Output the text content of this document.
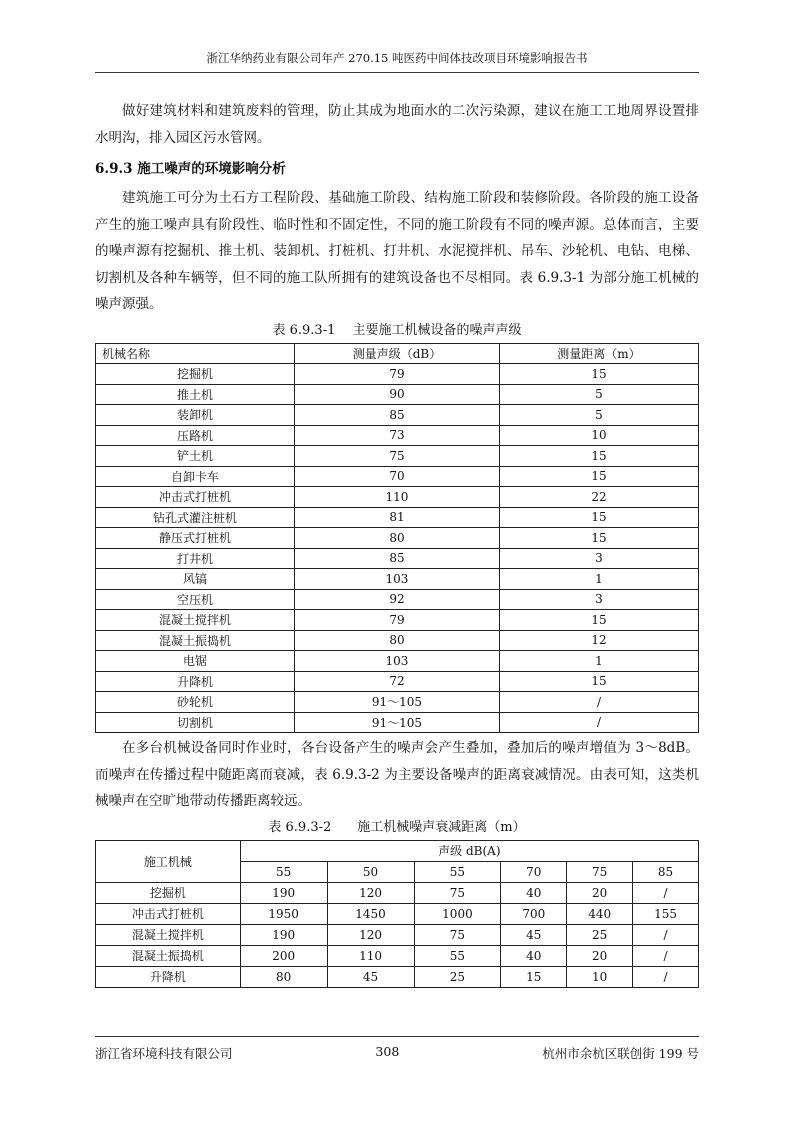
浙江华纳药业有限公司年产 270.15 吨医药中间体技改项目环境影响报告书

做好建筑材料和建筑废料的管理，防止其成为地面水的二次污染源，建议在施工工地周界设置排水明沟，排入园区污水管网。

6.9.3 施工噪声的环境影响分析

建筑施工可分为土石方工程阶段、基础施工阶段、结构施工阶段和装修阶段。各阶段的施工设备产生的施工噪声具有阶段性、临时性和不固定性，不同的施工阶段有不同的噪声源。总体而言，主要的噪声源有挖掘机、推土机、装卸机、打桩机、打井机、水泥搅拌机、吊车、沙轮机、电钻、电梯、切割机及各种车辆等，但不同的施工队所拥有的建筑设备也不尽相同。表 6.9.3-1 为部分施工机械的噪声源强。

表 6.9.3-1　 主要施工机械设备的噪声声级
机械名称	测量声级（dB）	测量距离（m）
挖掘机	79	15
推土机	90	5
装卸机	85	5
压路机	73	10
铲土机	75	15
自卸卡车	70	15
冲击式打桩机	110	22
钻孔式灌注桩机	81	15
静压式打桩机	80	15
打井机	85	3
风镐	103	1
空压机	92	3
混凝土搅拌机	79	15
混凝土振捣机	80	12
电锯	103	1
升降机	72	15
砂轮机	91～105	/
切割机	91～105	/

在多台机械设备同时作业时，各台设备产生的噪声会产生叠加，叠加后的噪声增值为 3～8dB。而噪声在传播过程中随距离而衰减，表 6.9.3-2 为主要设备噪声的距离衰减情况。由表可知，这类机械噪声在空旷地带动传播距离较远。

表 6.9.3-2　　施工机械噪声衰减距离（m）
施工机械	声级 dB(A)					
	55	50	55	70	75	85
挖掘机	190	120	75	40	20	/
冲击式打桩机	1950	1450	1000	700	440	155
混凝土搅拌机	190	120	75	45	25	/
混凝土振捣机	200	110	55	40	20	/
升降机	80	45	25	15	10	/
浙江省环境科技有限公司	308	杭州市余杭区联创街 199 号
